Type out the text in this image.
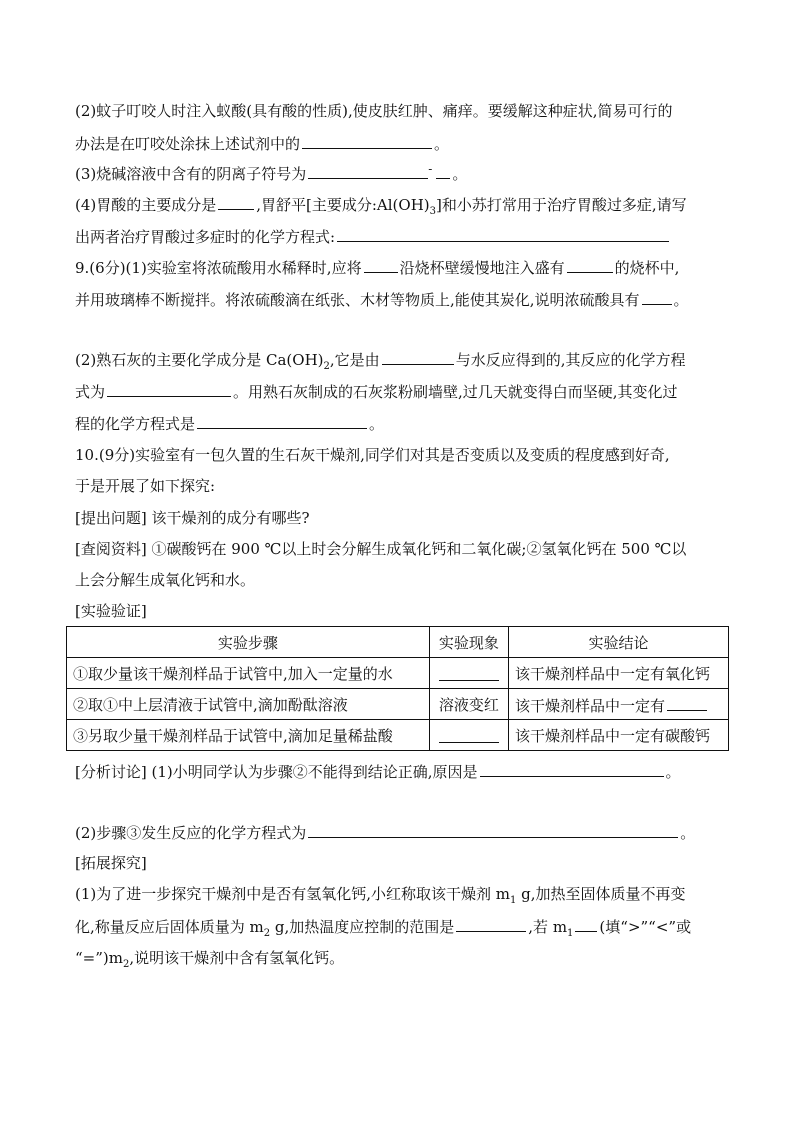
(2)蚊子叮咬人时注入蚁酸(具有酸的性质),使皮肤红肿、痛痒。要缓解这种症状,简易可行的
办法是在叮咬处涂抹上述试剂中的	。
(3)烧碱溶液中含有的阴离子符号为	- 。
(4)胃酸的主要成分是	,胃舒平[主要成分$:Al(OH)_3$]和小苏打常用于治疗胃酸过多症,请写
出两者治疗胃酸过多症时的化学方程式:
9.(6分)(1)实验室将浓硫酸用水稀释时,应将	沿烧杯壁缓慢地注入盛有	的烧杯中,
并用玻璃棒不断搅拌。将浓硫酸滴在纸张、木材等物质上,能使其炭化,说明浓硫酸具有 。
(2)熟石灰的主要化学成分是 $Ca(OH)_2$,它是由	与水反应得到的,其反应的化学方程
式为	。用熟石灰制成的石灰浆粉刷墙壁,过几天就变得白而坚硬,其变化过
程的化学方程式是	。
10.(9分)实验室有一包久置的生石灰干燥剂,同学们对其是否变质以及变质的程度感到好奇,
于是开展了如下探究:
[提出问题] 该干燥剂的成分有哪些?
[查阅资料] ①碳酸钙在 900 ℃以上时会分解生成氧化钙和二氧化碳;②氢氧化钙在 500 ℃以
上会分解生成氧化钙和水。
[实验验证]
实验步骤	实验现象	实验结论
①取少量该干燥剂样品于试管中,加入一定量的水		该干燥剂样品中一定有氧化钙
②取①中上层清液于试管中,滴加酚酞溶液	溶液变红	该干燥剂样品中一定有
③另取少量干燥剂样品于试管中,滴加足量稀盐酸		该干燥剂样品中一定有碳酸钙
[分析讨论] (1)小明同学认为步骤②不能得到结论正确,原因是	。
(2)步骤③发生反应的化学方程式为	。
[拓展探究]
(1)为了进一步探究干燥剂中是否有氢氧化钙,小红称取该干燥剂 $m_1$ g,加热至固体质量不再变
化,称量反应后固体质量为 $m_2$ g,加热温度应控制的范围是	,若 $m_1$ (填“>”“<”或
“$=”)m_2$,说明该干燥剂中含有氢氧化钙。
